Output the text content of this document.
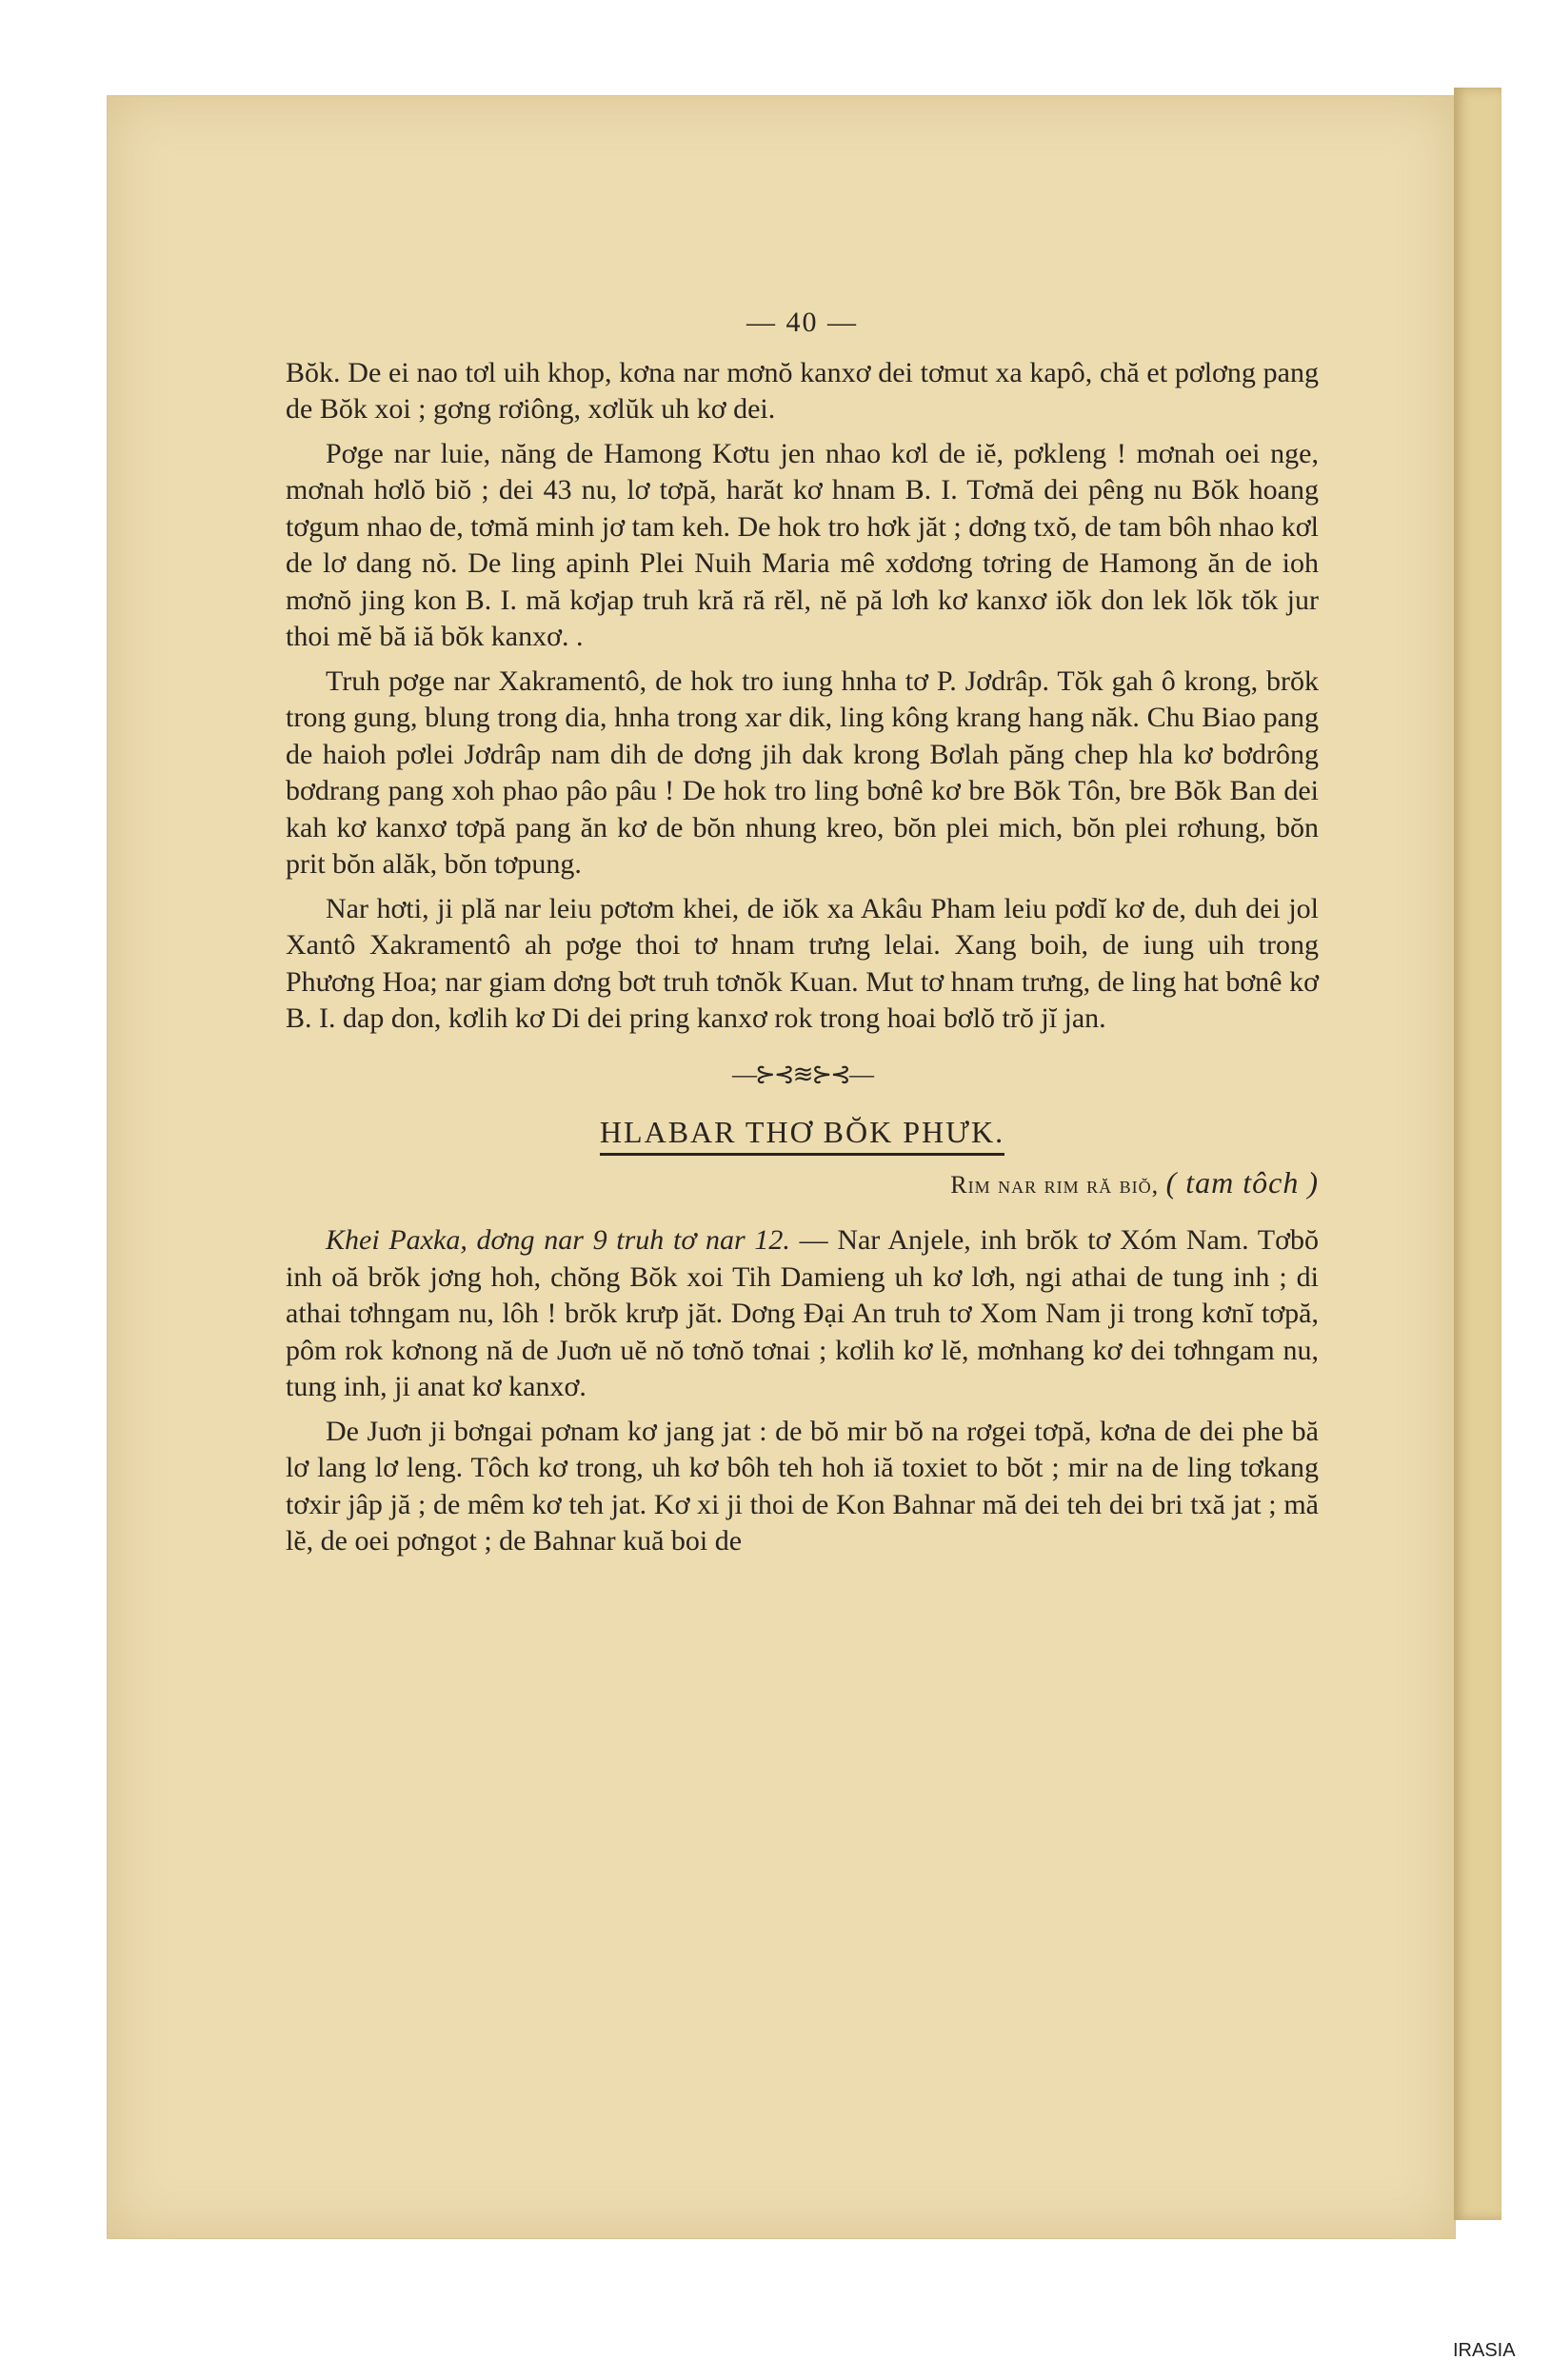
— 40 —

Bŏk. De ei nao tơl uih khop, kơna nar mơnŏ kanxơ dei tơmut xa kapô, chă et pơlơng pang de Bŏk xoi ; gơng rơiông, xơlŭk uh kơ dei.

Pơge nar luie, năng de Hamong Kơtu jen nhao kơl de iĕ, pơkleng ! mơnah oei nge, mơnah hơlŏ biŏ ; dei 43 nu, lơ tơpă, harăt kơ hnam B. I. Tơmă dei pêng nu Bŏk hoang tơgum nhao de, tơmă minh jơ tam keh. De hok tro hơk jăt ; dơng txŏ, de tam bôh nhao kơl de lơ dang nŏ. De ling apinh Plei Nuih Maria mê xơdơng tơring de Hamong ăn de ioh mơnŏ jing kon B. I. mă kơjap truh kră ră rĕl, nĕ pă lơh kơ kanxơ iŏk don lek lŏk tŏk jur thoi mĕ bă iă bŏk kanxơ. .

Truh pơge nar Xakramentô, de hok tro iung hnha tơ P. Jơdrâp. Tŏk gah ô krong, brŏk trong gung, blung trong dia, hnha trong xar dik, ling kông krang hang năk. Chu Biao pang de haioh pơlei Jơdrâp nam dih de dơng jih dak krong Bơlah păng chep hla kơ bơdrông bơdrang pang xoh phao pâo pâu ! De hok tro ling bơnê kơ bre Bŏk Tôn, bre Bŏk Ban dei kah kơ kanxơ tơpă pang ăn kơ de bŏn nhung kreo, bŏn plei mich, bŏn plei rơhung, bŏn prit bŏn alăk, bŏn tơpung.

Nar hơti, ji plă nar leiu pơtơm khei, de iŏk xa Akâu Pham leiu pơdĭ kơ de, duh dei jol Xantô Xakramentô ah pơge thoi tơ hnam trưng lelai. Xang boih, de iung uih trong Phương Hoa; nar giam dơng bơt truh tơnŏk Kuan. Mut tơ hnam trưng, de ling hat bơnê kơ B. I. dap don, kơlih kơ Di dei pring kanxơ rok trong hoai bơlŏ trŏ jĭ jan.

—⊱⊰≋⊱⊰—
HLABAR THƠ BŎK PHƯK.
Rim nar rim ră biŏ, ( tam tôch )

Khei Paxka, dơng nar 9 truh tơ nar 12. — Nar Anjele, inh brŏk tơ Xóm Nam. Tơbŏ inh oă brŏk jơng hoh, chŏng Bŏk xoi Tih Damieng uh kơ lơh, ngi athai de tung inh ; di athai tơhngam nu, lôh ! brŏk krưp jăt. Dơng Đại An truh tơ Xom Nam ji trong kơnĭ tơpă, pôm rok kơnong nă de Juơn uĕ nŏ tơnŏ tơnai ; kơlih kơ lĕ, mơnhang kơ dei tơhngam nu, tung inh, ji anat kơ kanxơ.

De Juơn ji bơngai pơnam kơ jang jat : de bŏ mir bŏ na rơgei tơpă, kơna de dei phe bă lơ lang lơ leng. Tôch kơ trong, uh kơ bôh teh hoh iă toxiet to bŏt ; mir na de ling tơkang tơxir jâp jă ; de mêm kơ teh jat. Kơ xi ji thoi de Kon Bahnar mă dei teh dei bri txă jat ; mă lĕ, de oei pơngot ; de Bahnar kuă boi de

IRASIA
